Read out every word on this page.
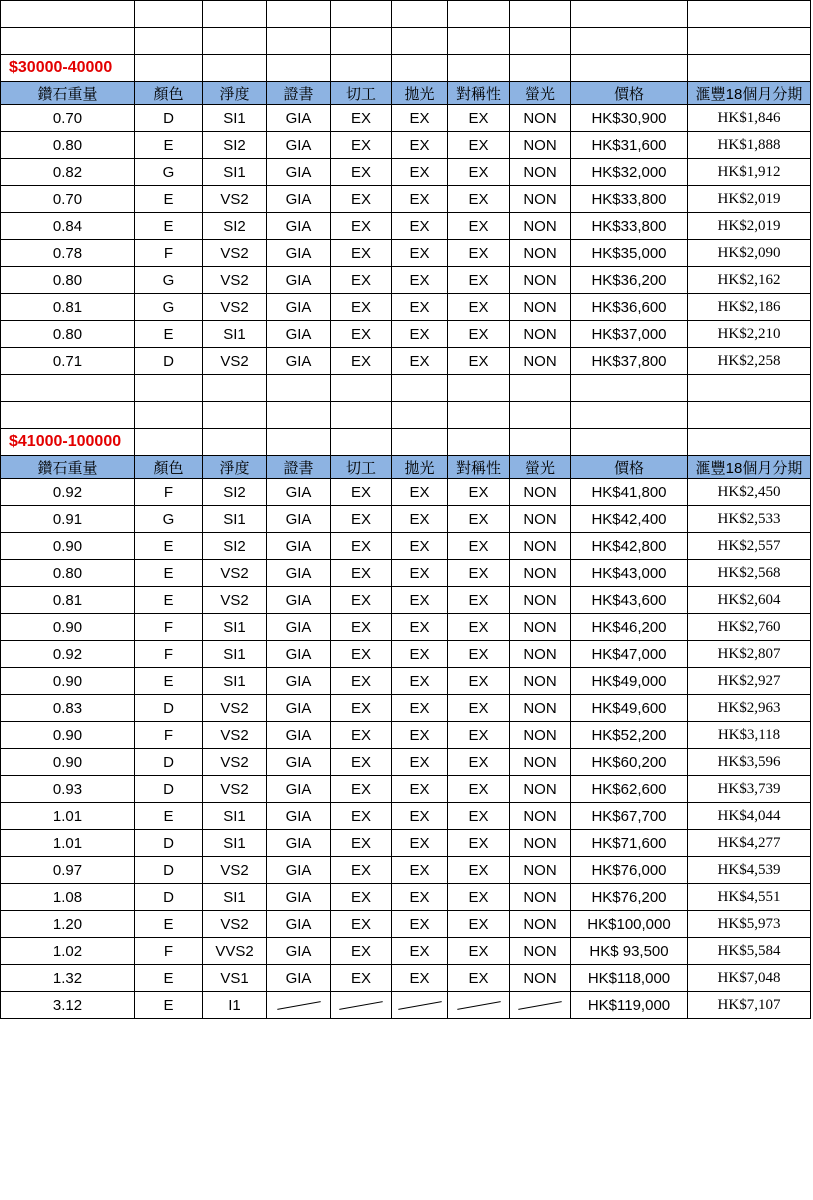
$30000-40000									
鑽石重量	顏色	淨度	證書	切工	拋光	對稱性	螢光	價格	滙豐18個月分期
0.70	D	SI1	GIA	EX	EX	EX	NON	HK$30,900	HK$1,846
0.80	E	SI2	GIA	EX	EX	EX	NON	HK$31,600	HK$1,888
0.82	G	SI1	GIA	EX	EX	EX	NON	HK$32,000	HK$1,912
0.70	E	VS2	GIA	EX	EX	EX	NON	HK$33,800	HK$2,019
0.84	E	SI2	GIA	EX	EX	EX	NON	HK$33,800	HK$2,019
0.78	F	VS2	GIA	EX	EX	EX	NON	HK$35,000	HK$2,090
0.80	G	VS2	GIA	EX	EX	EX	NON	HK$36,200	HK$2,162
0.81	G	VS2	GIA	EX	EX	EX	NON	HK$36,600	HK$2,186
0.80	E	SI1	GIA	EX	EX	EX	NON	HK$37,000	HK$2,210
0.71	D	VS2	GIA	EX	EX	EX	NON	HK$37,800	HK$2,258

$41000-100000									
鑽石重量	顏色	淨度	證書	切工	拋光	對稱性	螢光	價格	滙豐18個月分期
0.92	F	SI2	GIA	EX	EX	EX	NON	HK$41,800	HK$2,450
0.91	G	SI1	GIA	EX	EX	EX	NON	HK$42,400	HK$2,533
0.90	E	SI2	GIA	EX	EX	EX	NON	HK$42,800	HK$2,557
0.80	E	VS2	GIA	EX	EX	EX	NON	HK$43,000	HK$2,568
0.81	E	VS2	GIA	EX	EX	EX	NON	HK$43,600	HK$2,604
0.90	F	SI1	GIA	EX	EX	EX	NON	HK$46,200	HK$2,760
0.92	F	SI1	GIA	EX	EX	EX	NON	HK$47,000	HK$2,807
0.90	E	SI1	GIA	EX	EX	EX	NON	HK$49,000	HK$2,927
0.83	D	VS2	GIA	EX	EX	EX	NON	HK$49,600	HK$2,963
0.90	F	VS2	GIA	EX	EX	EX	NON	HK$52,200	HK$3,118
0.90	D	VS2	GIA	EX	EX	EX	NON	HK$60,200	HK$3,596
0.93	D	VS2	GIA	EX	EX	EX	NON	HK$62,600	HK$3,739
1.01	E	SI1	GIA	EX	EX	EX	NON	HK$67,700	HK$4,044
1.01	D	SI1	GIA	EX	EX	EX	NON	HK$71,600	HK$4,277
0.97	D	VS2	GIA	EX	EX	EX	NON	HK$76,000	HK$4,539
1.08	D	SI1	GIA	EX	EX	EX	NON	HK$76,200	HK$4,551
1.20	E	VS2	GIA	EX	EX	EX	NON	HK$100,000	HK$5,973
1.02	F	VVS2	GIA	EX	EX	EX	NON	HK$ 93,500	HK$5,584
1.32	E	VS1	GIA	EX	EX	EX	NON	HK$118,000	HK$7,048
3.12	E	I1						HK$119,000	HK$7,107
